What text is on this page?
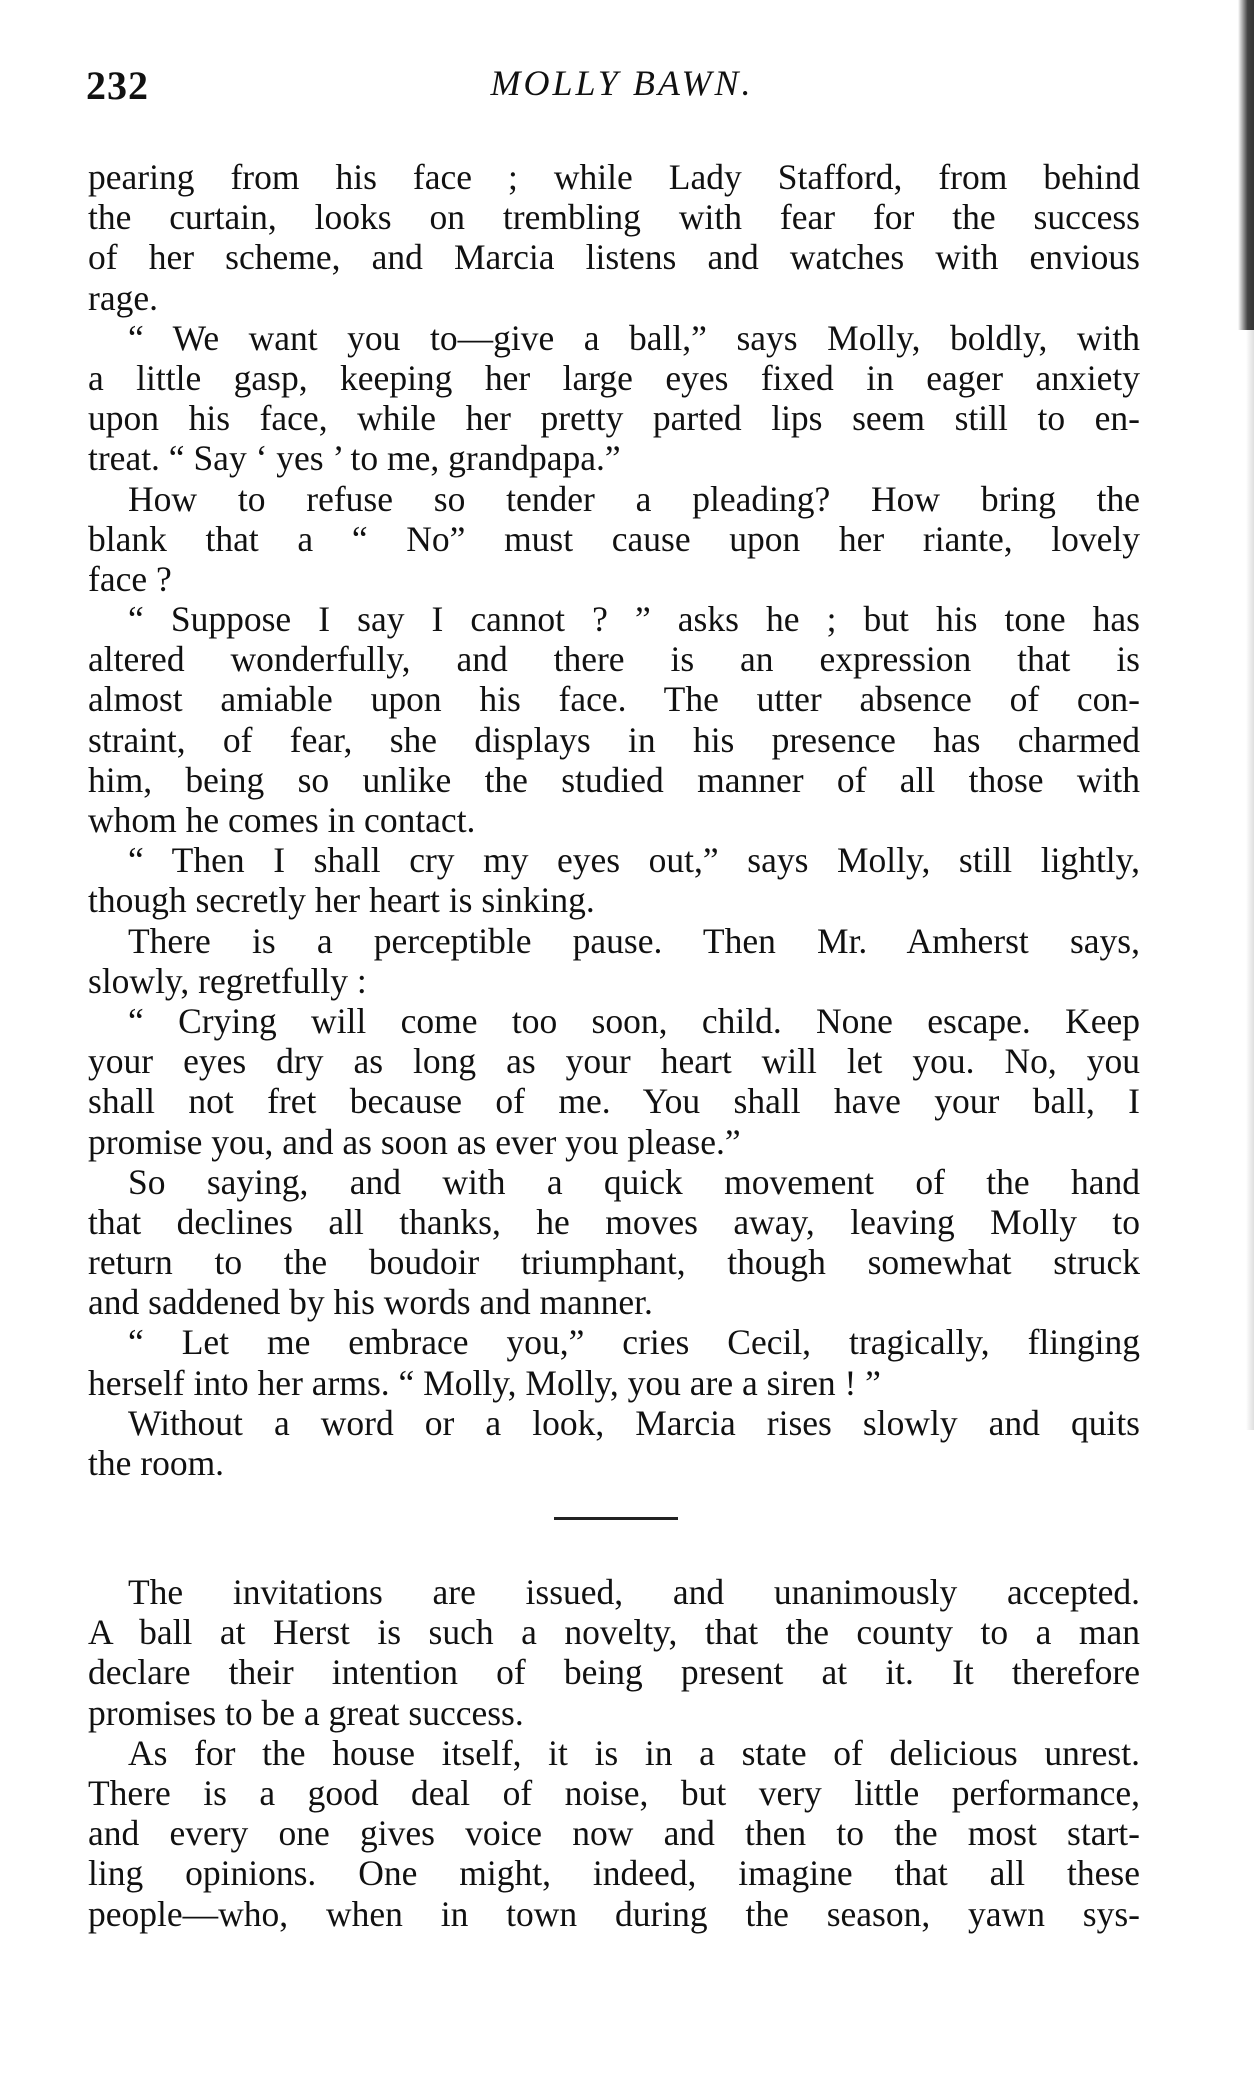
232	MOLLY BAWN.
pearing from his face ; while Lady Stafford, from behind
the curtain, looks on trembling with fear for the success
of her scheme, and Marcia listens and watches with envious
rage.
“ We want you to—give a ball,” says Molly, boldly, with
a little gasp, keeping her large eyes fixed in eager anxiety
upon his face, while her pretty parted lips seem still to en-
treat. “ Say ‘ yes ’ to me, grandpapa.”
How to refuse so tender a pleading? How bring the
blank that a “ No” must cause upon her riante, lovely
face ?
“ Suppose I say I cannot ? ” asks he ; but his tone has
altered wonderfully, and there is an expression that is
almost amiable upon his face. The utter absence of con-
straint, of fear, she displays in his presence has charmed
him, being so unlike the studied manner of all those with
whom he comes in contact.
“ Then I shall cry my eyes out,” says Molly, still lightly,
though secretly her heart is sinking.
There is a perceptible pause. Then Mr. Amherst says,
slowly, regretfully :
“ Crying will come too soon, child. None escape. Keep
your eyes dry as long as your heart will let you. No, you
shall not fret because of me. You shall have your ball, I
promise you, and as soon as ever you please.”
So saying, and with a quick movement of the hand
that declines all thanks, he moves away, leaving Molly to
return to the boudoir triumphant, though somewhat struck
and saddened by his words and manner.
“ Let me embrace you,” cries Cecil, tragically, flinging
herself into her arms. “ Molly, Molly, you are a siren ! ”
Without a word or a look, Marcia rises slowly and quits
the room.
The invitations are issued, and unanimously accepted.
A ball at Herst is such a novelty, that the county to a man
declare their intention of being present at it. It therefore
promises to be a great success.
As for the house itself, it is in a state of delicious unrest.
There is a good deal of noise, but very little performance,
and every one gives voice now and then to the most start-
ling opinions. One might, indeed, imagine that all these
people—who, when in town during the season, yawn sys-
